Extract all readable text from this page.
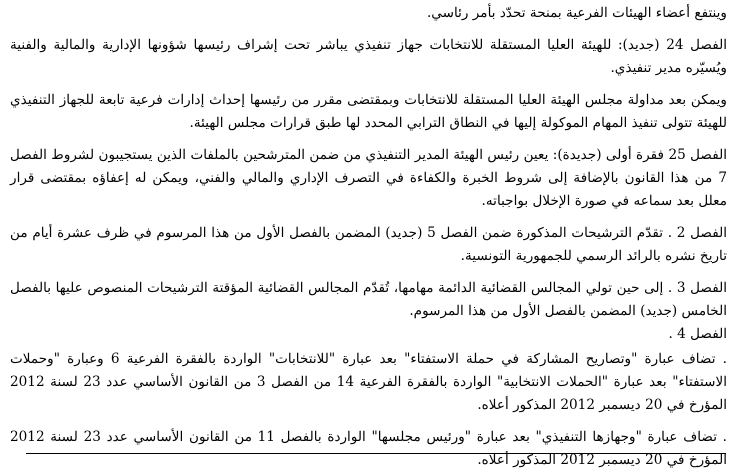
وينتفع أعضاء الهيئات الفرعية بمنحة تحدّد بأمر رئاسي.

الفصل 24 (جديد): للهيئة العليا المستقلة للانتخابات جهاز تنفيذي يباشر تحت إشراف رئيسها شؤونها الإدارية والمالية والفنية ويُسيّره مدير تنفيذي.

ويمكن بعد مداولة مجلس الهيئة العليا المستقلة للانتخابات وبمقتضى مقرر من رئيسها إحداث إدارات فرعية تابعة للجهاز التنفيذي للهيئة تتولى تنفيذ المهام الموكولة إليها في النطاق الترابي المحدد لها طبق قرارات مجلس الهيئة.

الفصل 25 فقرة أولى (جديدة): يعين رئيس الهيئة المدير التنفيذي من ضمن المترشحين بالملفات الذين يستجيبون لشروط الفصل 7 من هذا القانون بالإضافة إلى شروط الخبرة والكفاءة في التصرف الإداري والمالي والفني، ويمكن له إعفاؤه بمقتضى قرار معلل بعد سماعه في صورة الإخلال بواجباته.

الفصل 2 . تقدّم الترشيحات المذكورة ضمن الفصل 5 (جديد) المضمن بالفصل الأول من هذا المرسوم في ظرف عشرة أيام من تاريخ نشره بالرائد الرسمي للجمهورية التونسية.

الفصل 3 . إلى حين تولي المجالس القضائية الدائمة مهامها، تُقدّم المجالس القضائية المؤقتة الترشيحات المنصوص عليها بالفصل الخامس (جديد) المضمن بالفصل الأول من هذا المرسوم.

الفصل 4 .

. تضاف عبارة "وتصاريح المشاركة في حملة الاستفتاء" بعد عبارة "للانتخابات" الواردة بالفقرة الفرعية 6 وعبارة "وحملات الاستفتاء" بعد عبارة "الحملات الانتخابية" الواردة بالفقرة الفرعية 14 من الفصل 3 من القانون الأساسي عدد 23 لسنة 2012 المؤرخ في 20 ديسمبر 2012 المذكور أعلاه.

. تضاف عبارة "وجهازها التنفيذي" بعد عبارة "ورئيس مجلسها" الواردة بالفصل 11 من القانون الأساسي عدد 23 لسنة 2012 المؤرخ في 20 ديسمبر 2012 المذكور أعلاه.
